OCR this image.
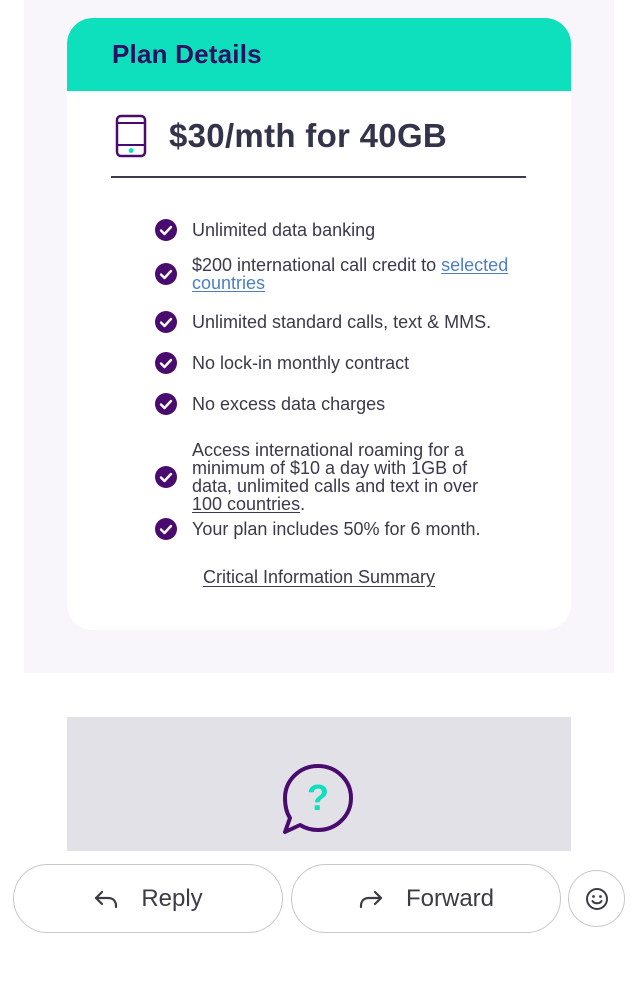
Plan Details
$30/mth for 40GB
Unlimited data banking
$200 international call credit to selected countries
Unlimited standard calls, text & MMS.
No lock-in monthly contract
No excess data charges
Access international roaming for a minimum of $10 a day with 1GB of data, unlimited calls and text in over 100 countries.
Your plan includes 50% for 6 month.
Critical Information Summary
?
Reply	Forward
